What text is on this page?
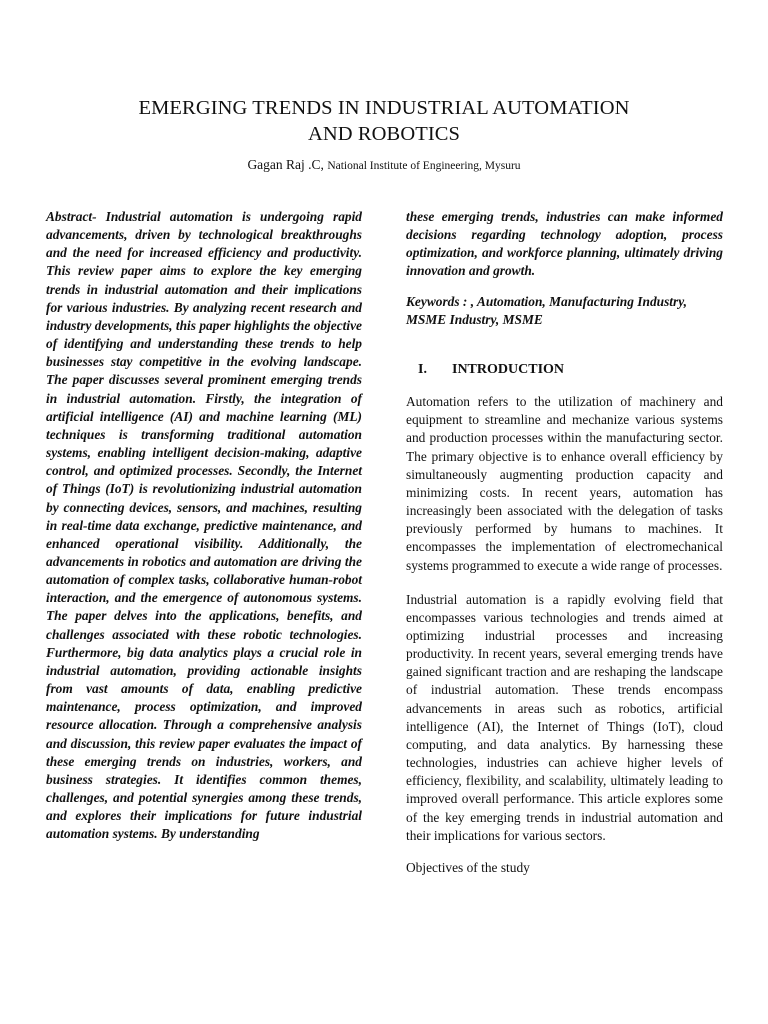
EMERGING TRENDS IN INDUSTRIAL AUTOMATION
AND ROBOTICS
Gagan Raj .C, National Institute of Engineering, Mysuru

Abstract- Industrial automation is undergoing rapid advancements, driven by technological breakthroughs and the need for increased efficiency and productivity. This review paper aims to explore the key emerging trends in industrial automation and their implications for various industries. By analyzing recent research and industry developments, this paper highlights the objective of identifying and understanding these trends to help businesses stay competitive in the evolving landscape. The paper discusses several prominent emerging trends in industrial automation. Firstly, the integration of artificial intelligence (AI) and machine learning (ML) techniques is transforming traditional automation systems, enabling intelligent decision-making, adaptive control, and optimized processes. Secondly, the Internet of Things (IoT) is revolutionizing industrial automation by connecting devices, sensors, and machines, resulting in real-time data exchange, predictive maintenance, and enhanced operational visibility. Additionally, the advancements in robotics and automation are driving the automation of complex tasks, collaborative human-robot interaction, and the emergence of autonomous systems. The paper delves into the applications, benefits, and challenges associated with these robotic technologies. Furthermore, big data analytics plays a crucial role in industrial automation, providing actionable insights from vast amounts of data, enabling predictive maintenance, process optimization, and improved resource allocation. Through a comprehensive analysis and discussion, this review paper evaluates the impact of these emerging trends on industries, workers, and business strategies. It identifies common themes, challenges, and potential synergies among these trends, and explores their implications for future industrial automation systems. By understanding

these emerging trends, industries can make informed decisions regarding technology adoption, process optimization, and workforce planning, ultimately driving innovation and growth.

Keywords : , Automation, Manufacturing Industry, MSME Industry, MSME

I.	INTRODUCTION

Automation refers to the utilization of machinery and equipment to streamline and mechanize various systems and production processes within the manufacturing sector. The primary objective is to enhance overall efficiency by simultaneously augmenting production capacity and minimizing costs. In recent years, automation has increasingly been associated with the delegation of tasks previously performed by humans to machines. It encompasses the implementation of electromechanical systems programmed to execute a wide range of processes.

Industrial automation is a rapidly evolving field that encompasses various technologies and trends aimed at optimizing industrial processes and increasing productivity. In recent years, several emerging trends have gained significant traction and are reshaping the landscape of industrial automation. These trends encompass advancements in areas such as robotics, artificial intelligence (AI), the Internet of Things (IoT), cloud computing, and data analytics. By harnessing these technologies, industries can achieve higher levels of efficiency, flexibility, and scalability, ultimately leading to improved overall performance. This article explores some of the key emerging trends in industrial automation and their implications for various sectors.

Objectives of the study
